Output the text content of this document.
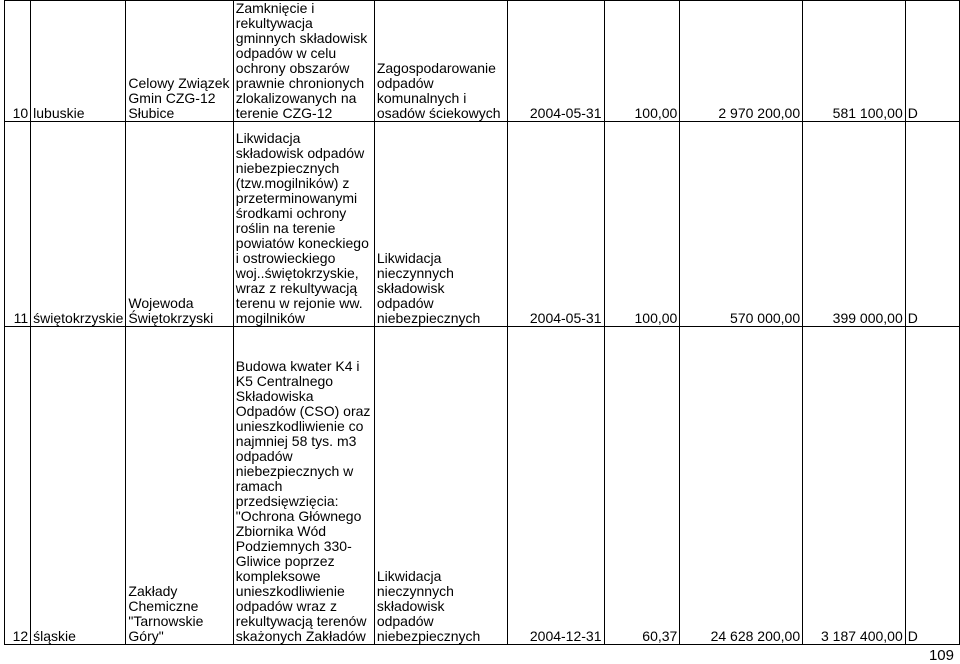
10	lubuskie	Celowy Związek Gmin CZG-12 Słubice	Zamknięcie i rekultywacja gminnych składowisk odpadów w celu ochrony obszarów prawnie chronionych zlokalizowanych na terenie CZG-12	Zagospodarowanie odpadów komunalnych i osadów ściekowych	2004-05-31	100,00	2 970 200,00	581 100,00	D
11	świętokrzyskie	Wojewoda Świętokrzyski	Likwidacja składowisk odpadów niebezpiecznych (tzw.mogilników) z przeterminowanymi środkami ochrony roślin na terenie powiatów koneckiego i ostrowieckiego woj..świętokrzyskie, wraz z rekultywacją terenu w rejonie ww. mogilników	Likwidacja nieczynnych składowisk odpadów niebezpiecznych	2004-05-31	100,00	570 000,00	399 000,00	D
12	śląskie	Zakłady Chemiczne "Tarnowskie Góry"	Budowa kwater K4 i K5 Centralnego Składowiska Odpadów (CSO) oraz unieszkodliwienie co najmniej 58 tys. m3 odpadów niebezpiecznych w ramach przedsięwzięcia: "Ochrona Głównego Zbiornika Wód Podziemnych 330-Gliwice poprzez kompleksowe unieszkodliwienie odpadów wraz z rekultywacją terenów skażonych Zakładów	Likwidacja nieczynnych składowisk odpadów niebezpiecznych	2004-12-31	60,37	24 628 200,00	3 187 400,00	D
109
